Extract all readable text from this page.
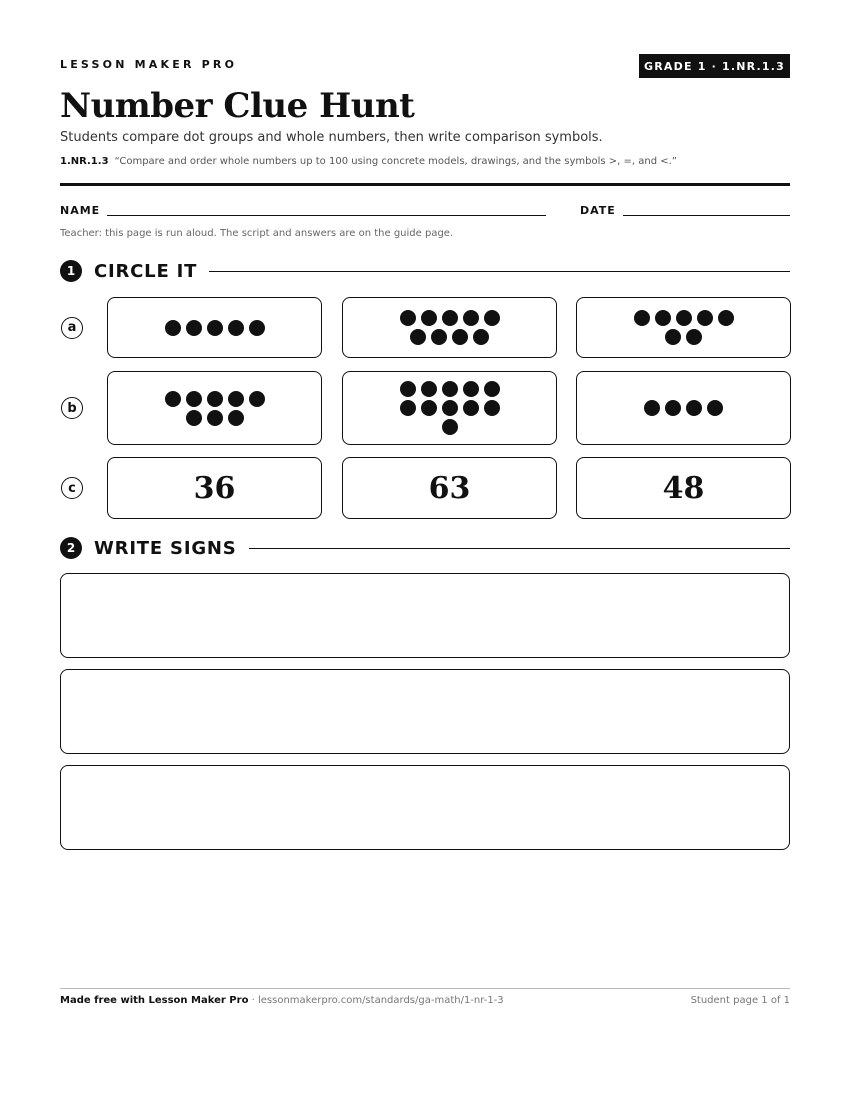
LESSON MAKER PRO	GRADE 1 · 1.NR.1.3
Number Clue Hunt
Students compare dot groups and whole numbers, then write comparison symbols.
1.NR.1.3 “Compare and order whole numbers up to 100 using concrete models, drawings, and the symbols >, =, and <.”
NAME	DATE
Teacher: this page is run aloud. The script and answers are on the guide page.
1	CIRCLE IT
a
b
c	36	63	48
2	WRITE SIGNS
Made free with Lesson Maker Pro · lessonmakerpro.com/standards/ga-math/1-nr-1-3	Student page 1 of 1
